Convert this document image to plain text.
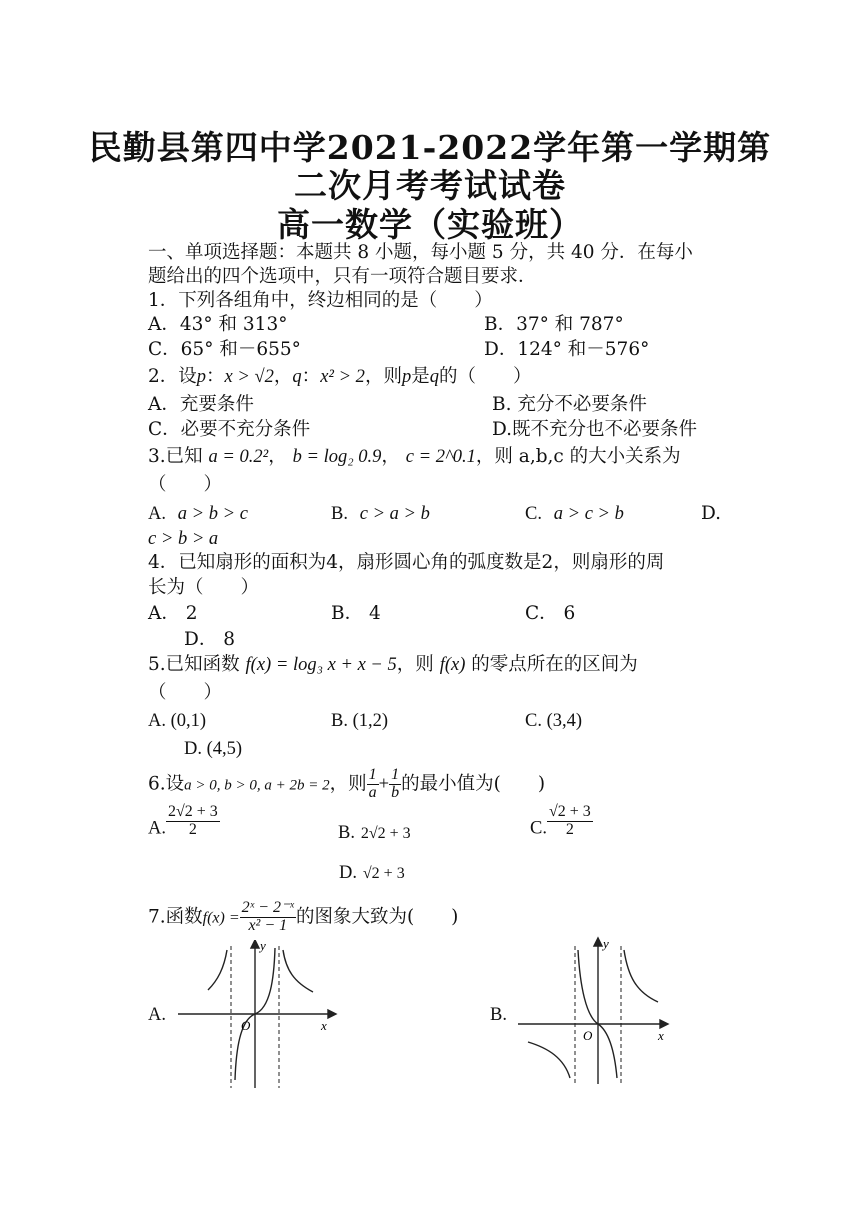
民勤县第四中学2021-2022学年第一学期第
二次月考考试试卷
高一数学（实验班）
一、单项选择题：本题共 8 小题，每小题 5 分，共 40 分．在每小
题给出的四个选项中，只有一项符合题目要求．
1．下列各组角中，终边相同的是（　　）
A．43° 和 313°	B．37° 和 787°
C．65° 和－655°	D．124° 和－576°
2．设p：x > √2，q：x² > 2，则p是q的（　　）
A．充要条件	B. 充分不必要条件
C．必要不充分条件	D.既不充分也不必要条件
3.已知 a = 0.2²， b = log₂ 0.9， c = 2^0.1，则 a,b,c 的大小关系为
（　　）
A. a > b > c	B. c > a > b	C. a > c > b	D.
c > b > a
4．已知扇形的面积为4，扇形圆心角的弧度数是2，则扇形的周
长为（　　）
A． 2	B． 4	C． 6
D． 8
5.已知函数 f(x) = log₃ x + x − 5，则 f(x) 的零点所在的区间为
（　　）
A. (0,1)	B. (1,2)	C. (3,4)
D. (4,5)
6.设a > 0, b > 0, a + 2b = 2，则 $\frac{1}{a} + \frac{1}{b}$ 的最小值为(　　)
A. $\frac{2√2 + 3}{2}$	B. 2√2 + 3	C. $\frac{√2 + 3}{2}$
D. √2 + 3
7.函数$f(x) = \frac{\text{2ˣ − 2⁻ˣ}}{\text{x² − 1}}$ 的图象大致为(　　)
A.	B.
y
x
O
y
x
O
